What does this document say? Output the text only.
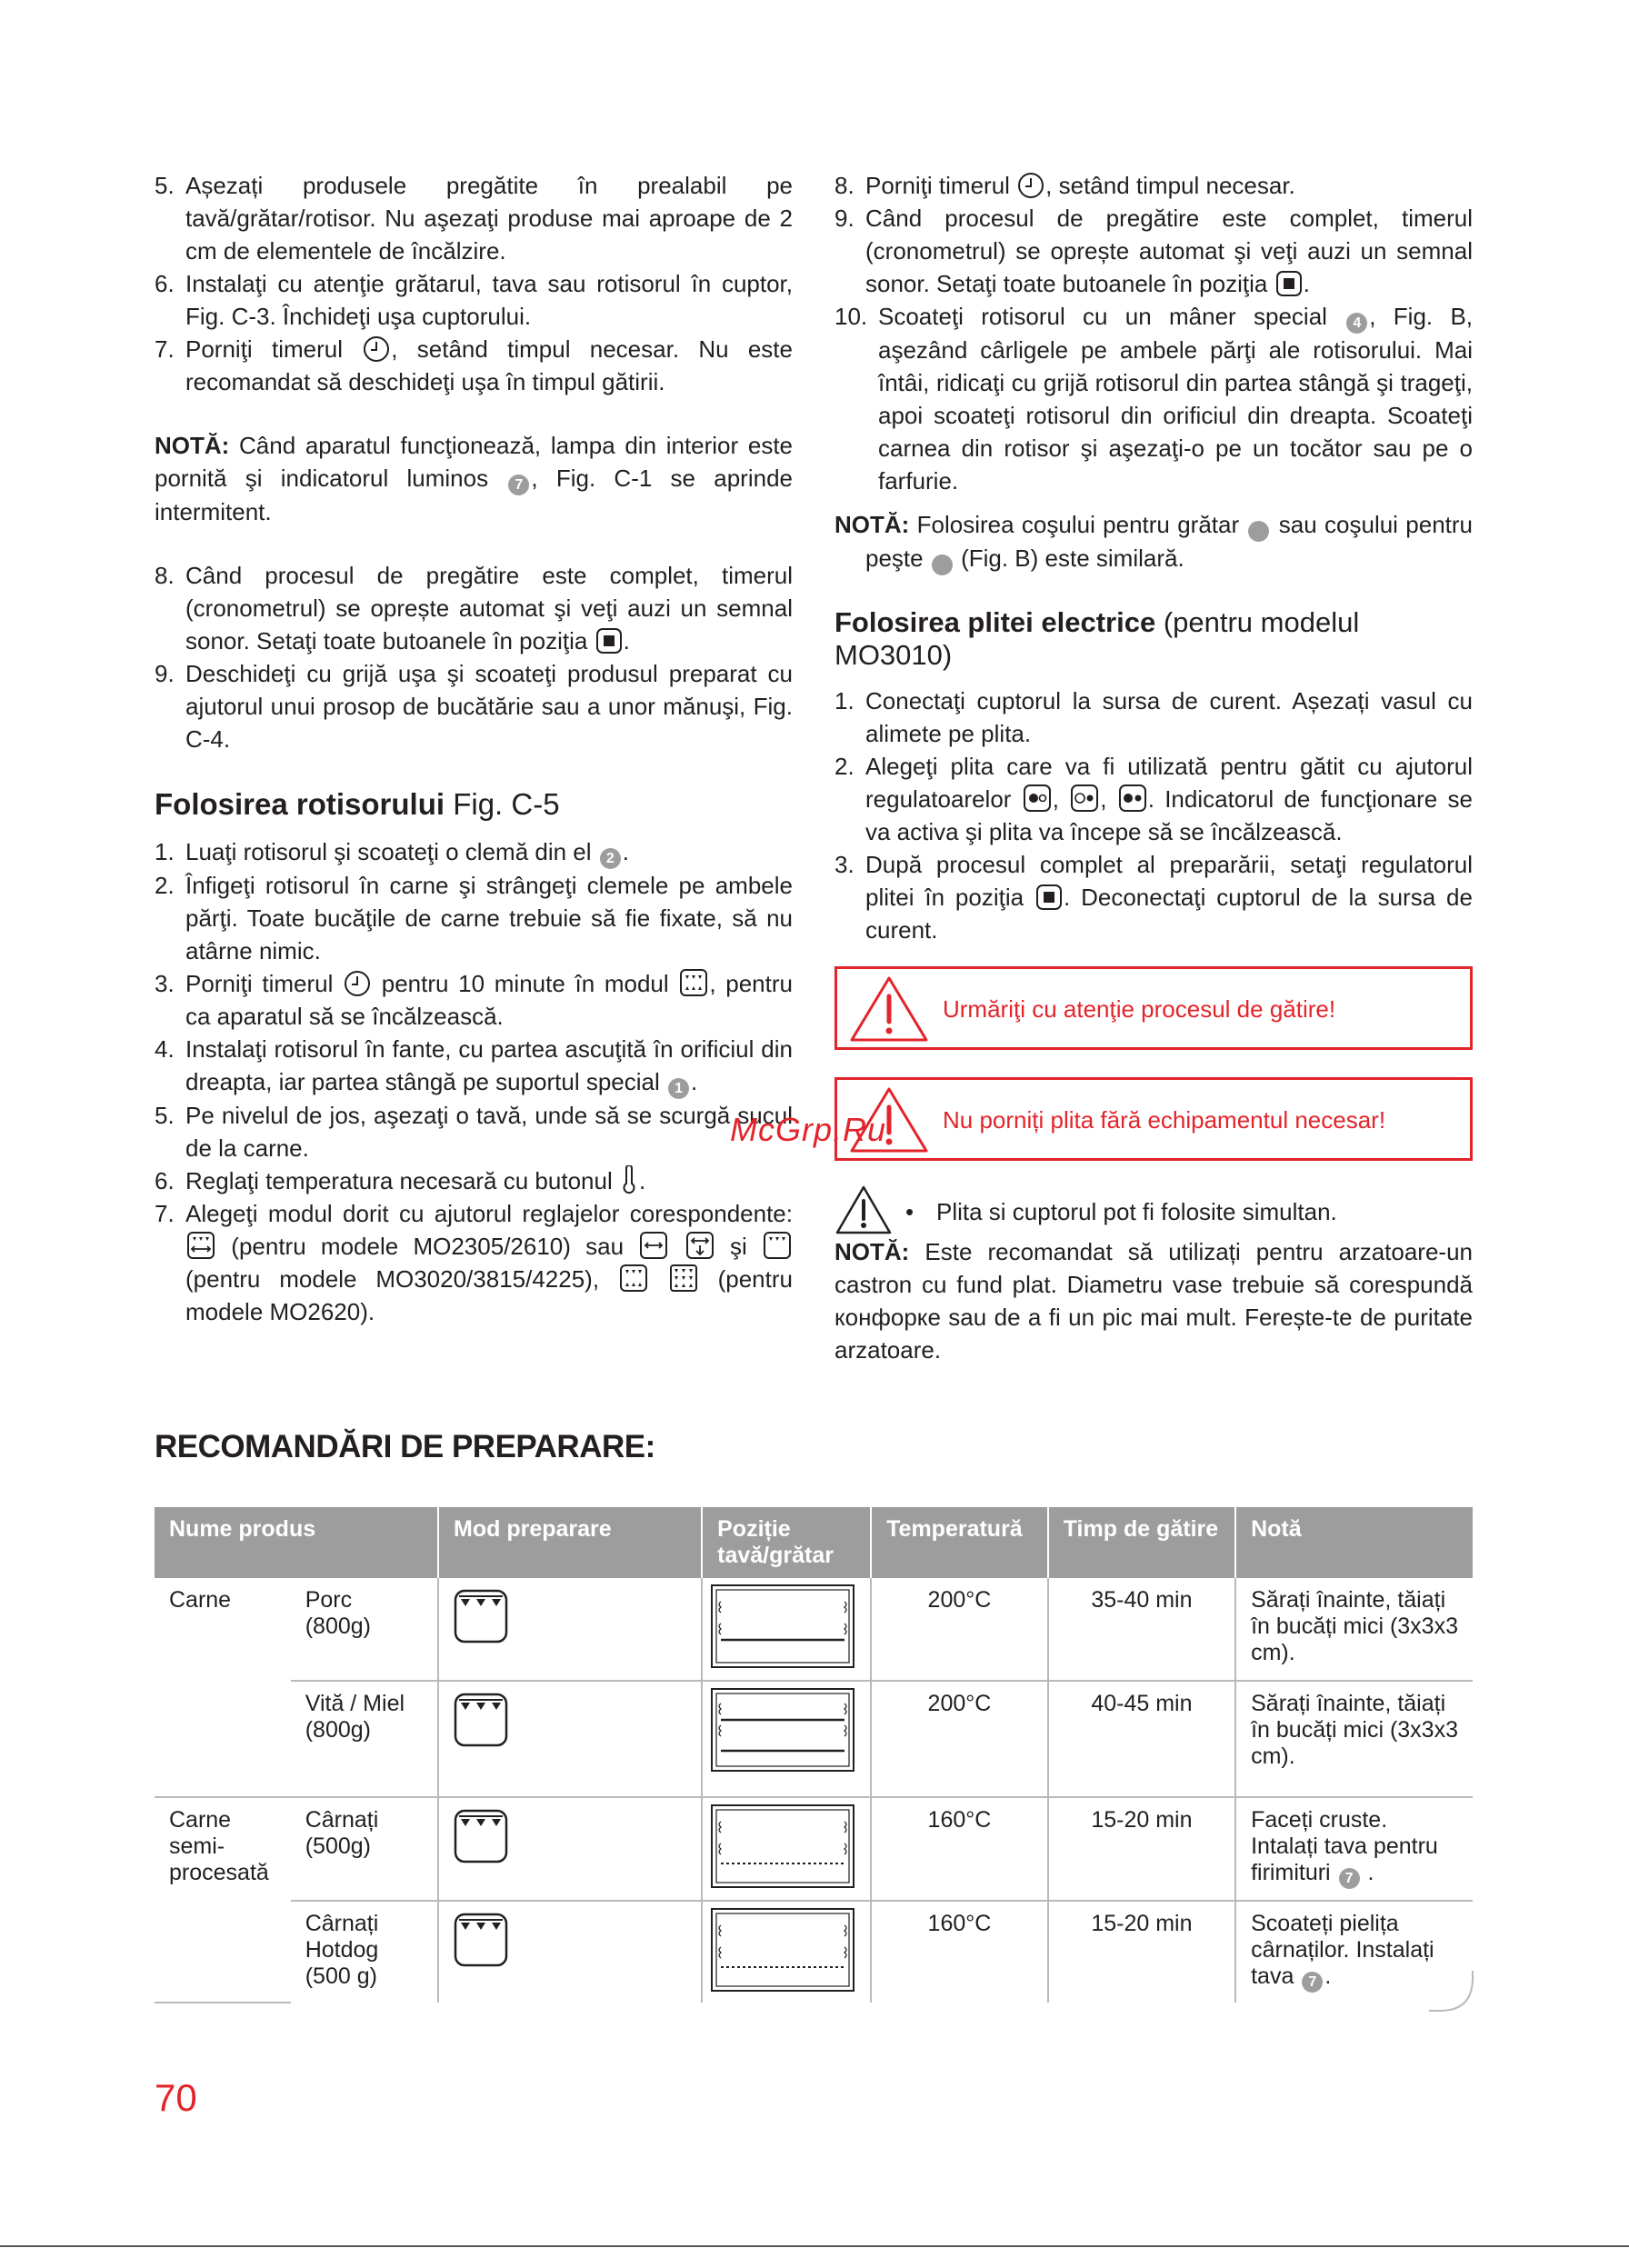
5. Așezați produsele pregătite în prealabil pe tavă/grătar/rotisor. Nu aşezaţi produse mai aproape de 2 cm de elementele de încălzire.
6. Instalaţi cu atenţie grătarul, tava sau rotisorul în cuptor, Fig. C-3. Închideţi uşa cuptorului.
7. Porniţi timerul , setând timpul necesar. Nu este recomandat să deschideţi uşa în timpul gătirii.

NOTĂ: Când aparatul funcţionează, lampa din interior este pornită şi indicatorul luminos 7 , Fig. C-1 se aprinde intermitent.

8. Când procesul de pregătire este complet, timerul (cronometrul) se oprește automat şi veţi auzi un semnal sonor. Setaţi toate butoanele în poziţia .
9. Deschideţi cu grijă uşa şi scoateţi produsul preparat cu ajutorul unui prosop de bucătărie sau a unor mănuşi, Fig. C-4.
Folosirea rotisorului Fig. C-5
1. Luaţi rotisorul şi scoateţi o clemă din el 2 .
2. Înfigeţi rotisorul în carne şi strângeţi clemele pe ambele părţi. Toate bucăţile de carne trebuie să fie fixate, să nu atârne nimic.
3. Porniţi timerul pentru 10 minute în modul , pentru ca aparatul să se încălzească.
4. Instalaţi rotisorul în fante, cu partea ascuţită în orificiul din dreapta, iar partea stângă pe suportul special 1 .
5. Pe nivelul de jos, aşezaţi o tavă, unde să se scurgă sucul de la carne.
6. Reglaţi temperatura necesară cu butonul .
7. Alegeţi modul dorit cu ajutorul reglajelor corespondente:  (pentru modele MO2305/2610) sau	şi  (pentru modele MO3020/3815/4225),	(pentru modele MO2620).
8. Porniţi timerul , setând timpul necesar.
9. Când procesul de pregătire este complet, timerul (cronometrul) se oprește automat şi veţi auzi un semnal sonor. Setaţi toate butoanele în poziţia .
10. Scoateţi rotisorul cu un mâner special 4 , Fig. B, aşezând cârligele pe ambele părţi ale rotisorului. Mai întâi, ridicaţi cu grijă rotisorul din partea stângă şi trageţi, apoi scoateţi rotisorul din orificiul din dreapta. Scoateţi carnea din rotisor şi aşezaţi-o pe un tocător sau pe o farfurie.

NOTĂ: Folosirea coşului pentru grătar 9 sau coşului pentru peşte 8 (Fig. B) este similară.

Folosirea plitei electrice (pentru modelul MO3010)
1. Conectaţi cuptorul la sursa de curent. Așezați vasul cu alimete pe plita.
2. Alegeţi plita care va fi utilizată pentru gătit cu ajutorul regulatoarelor , , . Indicatorul de funcţionare se va activa şi plita va începe să se încălzească.
3. După procesul complet al preparării, setaţi regulatorul plitei în poziţia . Deconectaţi cuptorul de la sursa de curent.
Urmăriţi cu atenţie procesul de gătire!
Nu porniți plita fără echipamentul necesar!
• Plita si cuptorul pot fi folosite simultan.

NOTĂ: Este recomandat să utilizați pentru arzatoare-un castron cu fund plat. Diametru vase trebuie să corespundă конфорке sau de a fi un pic mai mult. Ferește-te de puritate arzatoare.

McGrp.Ru
RECOMANDĂRI DE PREPARARE:
Nume produs		Mod preparare	Poziție tavă/grătar	Temperatură	Timp de gătire	Notă
Carne	Porc (800g)			200°C	35-40 min	Sărați înainte, tăiați în bucăți mici (3x3x3 cm).
	Vită / Miel (800g)			200°C	40-45 min	Sărați înainte, tăiați în bucăți mici (3x3x3 cm).
Carne semi-procesată	Cârnați (500g)			160°C	15-20 min	Faceți cruste. Intalați tava pentru firimituri 7 .
	Cârnați Hotdog (500 g)			160°C	15-20 min	Scoateți pielița cârnaților. Instalați tava 7 .
70
